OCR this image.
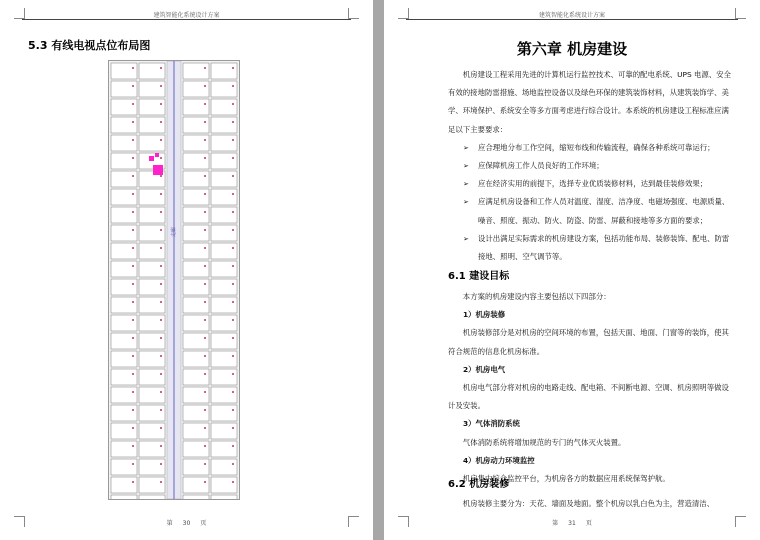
建筑智能化系统设计方案
5.3 有线电视点位布局图
走廊
第 30 页
建筑智能化系统设计方案
第六章 机房建设
机房建设工程采用先进的计算机运行监控技术、可靠的配电系统、UPS 电源、安全有效的接地防雷措施、场地监控设备以及绿色环保的建筑装饰材料，从建筑装饰学、美学、环境保护、系统安全等多方面考虑进行综合设计。本系统的机房建设工程标准应满足以下主要要求：
➢ 应合理地分布工作空间，缩短布线和传输流程，确保各种系统可靠运行；
➢ 应保障机房工作人员良好的工作环境；
➢ 应在经济实用的前提下，选择专业优质装修材料，达到最佳装修效果；
➢ 应满足机房设备和工作人员对温度、湿度、洁净度、电磁场强度、电源质量、噪音、照度、振动、防火、防盗、防雷、屏蔽和接地等多方面的要求；
➢ 设计出满足实际需求的机房建设方案，包括功能布局、装修装饰、配电、防雷接地、照明、空气调节等。
6.1 建设目标
本方案的机房建设内容主要包括以下四部分：
1）机房装修
机房装修部分是对机房的空间环境的布置，包括天面、地面、门窗等的装饰，使其符合规范的信息化机房标准。
2）机房电气
机房电气部分将对机房的电路走线、配电箱、不间断电源、空调、机房照明等做设计及安装。
3）气体消防系统
气体消防系统将增加规范的专门的气体灭火装置。
4）机房动力环境监控
机房集中综合监控平台，为机房各方的数据应用系统保驾护航。
6.2 机房装修
机房装修主要分为：天花、墙面及地面。整个机房以乳白色为主，营造清洁、
第 31 页
